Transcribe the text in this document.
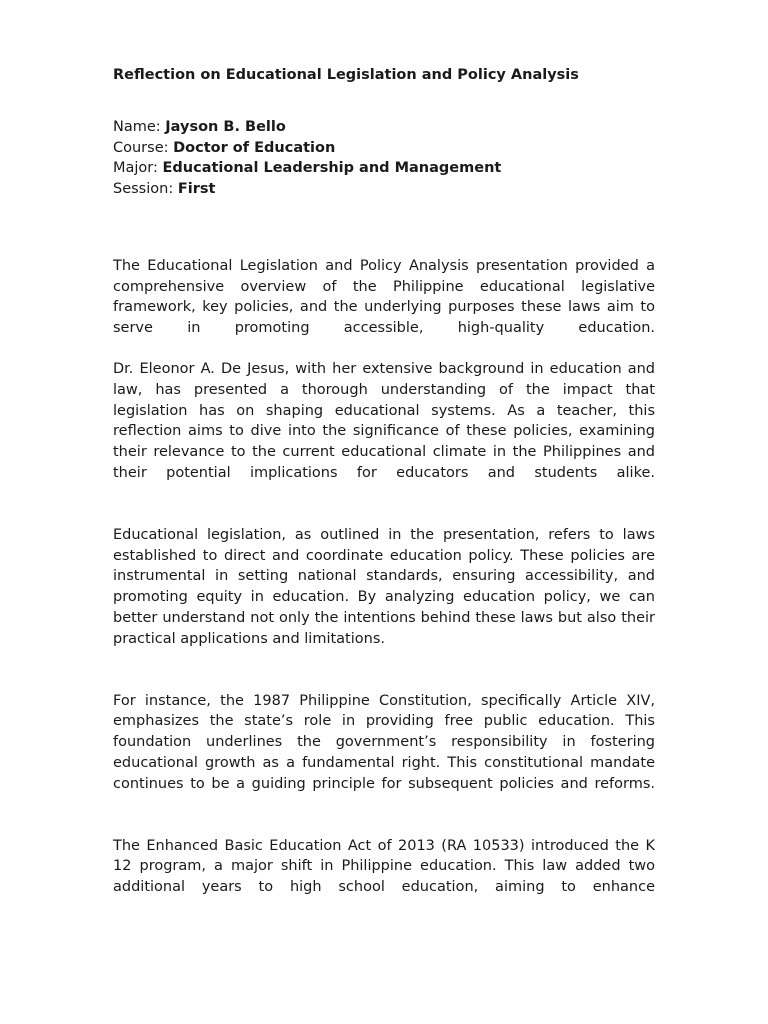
Reflection on Educational Legislation and Policy Analysis

Name: Jayson B. Bello
Course: Doctor of Education
Major: Educational Leadership and Management
Session: First

The Educational Legislation and Policy Analysis presentation provided a comprehensive overview of the Philippine educational legislative framework, key policies, and the underlying purposes these laws aim to serve in promoting accessible, high-quality education.

Dr. Eleonor A. De Jesus, with her extensive background in education and law, has presented a thorough understanding of the impact that legislation has on shaping educational systems. As a teacher, this reflection aims to dive into the significance of these policies, examining their relevance to the current educational climate in the Philippines and their potential implications for educators and students alike.

Educational legislation, as outlined in the presentation, refers to laws established to direct and coordinate education policy. These policies are instrumental in setting national standards, ensuring accessibility, and promoting equity in education. By analyzing education policy, we can better understand not only the intentions behind these laws but also their practical applications and limitations.

For instance, the 1987 Philippine Constitution, specifically Article XIV, emphasizes the state’s role in providing free public education. This foundation underlines the government’s responsibility in fostering educational growth as a fundamental right. This constitutional mandate continues to be a guiding principle for subsequent policies and reforms.

The Enhanced Basic Education Act of 2013 (RA 10533) introduced the K 12 program, a major shift in Philippine education. This law added two additional years to high school education, aiming to enhance
